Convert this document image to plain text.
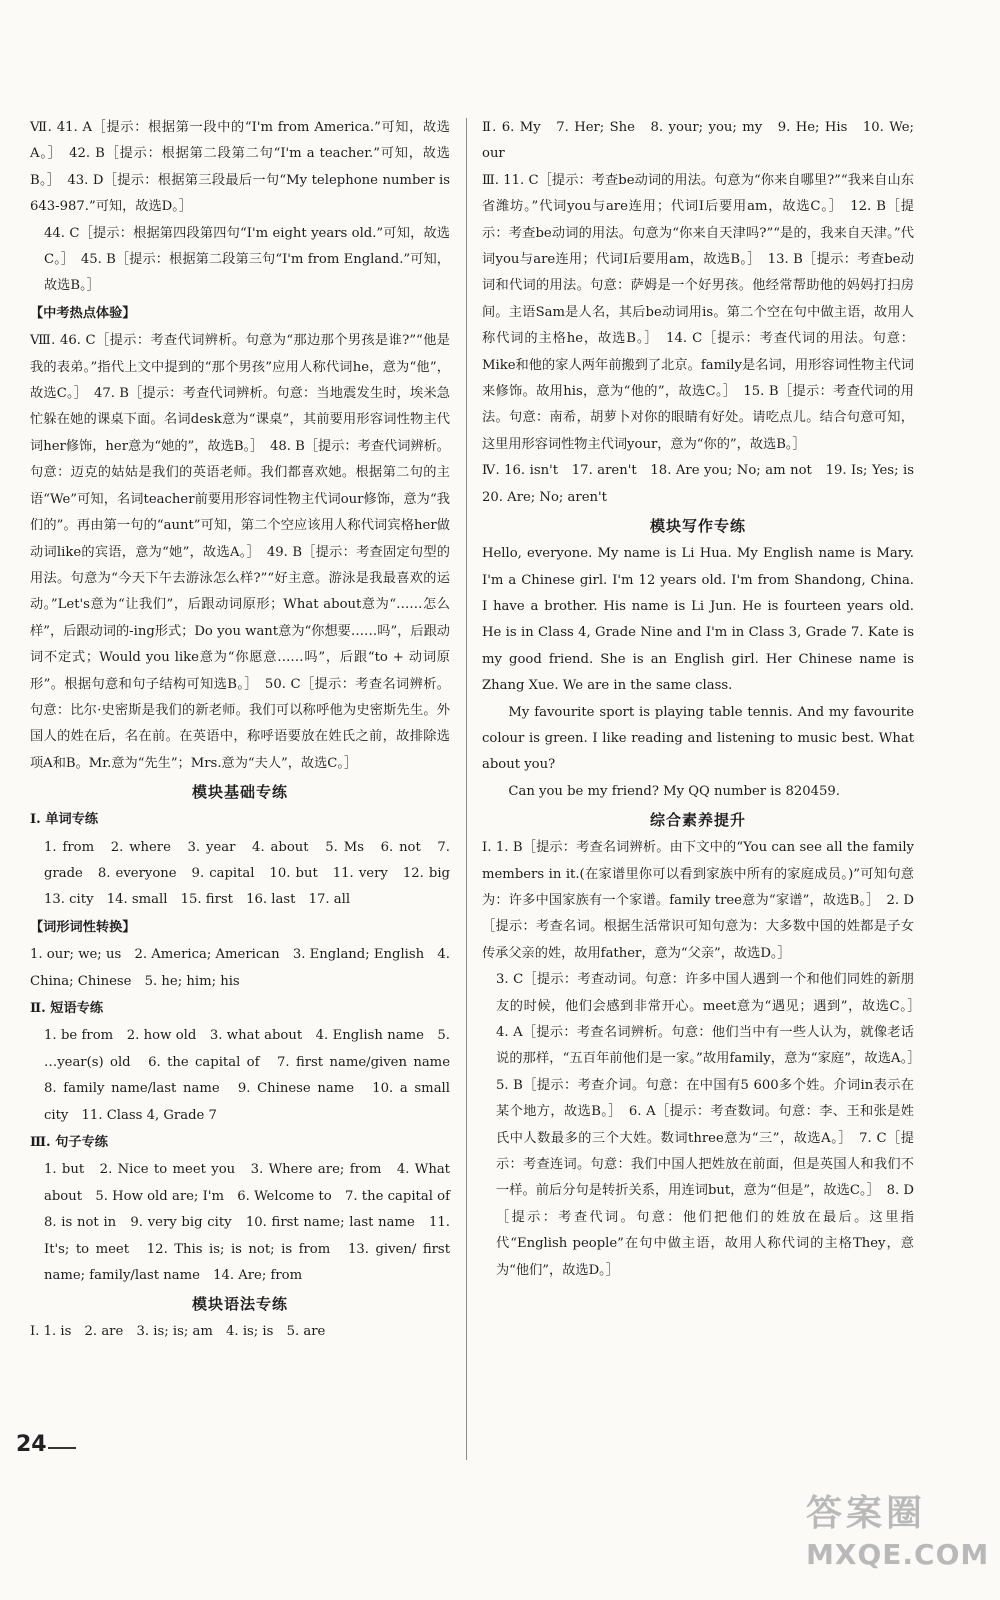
Ⅶ. 41. A［提示：根据第一段中的“I'm from America.”可知，故选A。］　42. B［提示：根据第二段第二句“I'm a teacher.”可知，故选B。］　43. D［提示：根据第三段最后一句“My telephone number is 643-987.”可知，故选D。］

44. C［提示：根据第四段第四句“I'm eight years old.”可知，故选C。］　45. B［提示：根据第二段第三句“I'm from England.”可知，故选B。］

【中考热点体验】

Ⅷ. 46. C［提示：考查代词辨析。句意为“那边那个男孩是谁?”“他是我的表弟。”指代上文中提到的“那个男孩”应用人称代词he，意为“他”，故选C。］　47. B［提示：考查代词辨析。句意：当地震发生时，埃米急忙躲在她的课桌下面。名词desk意为“课桌”，其前要用形容词性物主代词her修饰，her意为“她的”，故选B。］　48. B［提示：考查代词辨析。句意：迈克的姑姑是我们的英语老师。我们都喜欢她。根据第二句的主语“We”可知，名词teacher前要用形容词性物主代词our修饰，意为“我们的”。再由第一句的“aunt”可知，第二个空应该用人称代词宾格her做动词like的宾语，意为“她”，故选A。］　49. B［提示：考查固定句型的用法。句意为“今天下午去游泳怎么样?”“好主意。游泳是我最喜欢的运动。”Let's意为“让我们”，后跟动词原形；What about意为“……怎么样”，后跟动词的-ing形式；Do you want意为“你想要……吗”，后跟动词不定式；Would you like意为“你愿意……吗”，后跟“to + 动词原形”。根据句意和句子结构可知选B。］　50. C［提示：考查名词辨析。句意：比尔·史密斯是我们的新老师。我们可以称呼他为史密斯先生。外国人的姓在后，名在前。在英语中，称呼语要放在姓氏之前，故排除选项A和B。Mr.意为“先生”；Mrs.意为“夫人”，故选C。］

模块基础专练

Ⅰ. 单词专练

1. from　2. where　3. year　4. about　5. Ms　6. not　7. grade　8. everyone　9. capital　10. but　11. very　12. big　13. city　14. small　15. first　16. last　17. all

【词形词性转换】

1. our; we; us　2. America; American　3. England; English　4. China; Chinese　5. he; him; his

Ⅱ. 短语专练

1. be from　2. how old　3. what about　4. English name　5. …year(s) old　6. the capital of　7. first name/given name　8. family name/last name　9. Chinese name　10. a small city　11. Class 4, Grade 7

Ⅲ. 句子专练

1. but　2. Nice to meet you　3. Where are; from　4. What about　5. How old are; I'm　6. Welcome to　7. the capital of　8. is not in　9. very big city　10. first name; last name　11. It's; to meet　12. This is; is not; is from　13. given/ first name; family/last name　14. Are; from

模块语法专练

Ⅰ. 1. is　2. are　3. is; is; am　4. is; is　5. are

Ⅱ. 6. My　7. Her; She　8. your; you; my　9. He; His　10. We; our

Ⅲ. 11. C［提示：考查be动词的用法。句意为“你来自哪里?”“我来自山东省潍坊。”代词you与are连用；代词I后要用am，故选C。］　12. B［提示：考查be动词的用法。句意为“你来自天津吗?”“是的，我来自天津。”代词you与are连用；代词I后要用am，故选B。］　13. B［提示：考查be动词和代词的用法。句意：萨姆是一个好男孩。他经常帮助他的妈妈打扫房间。主语Sam是人名，其后be动词用is。第二个空在句中做主语，故用人称代词的主格he，故选B。］　14. C［提示：考查代词的用法。句意：Mike和他的家人两年前搬到了北京。family是名词，用形容词性物主代词来修饰。故用his，意为“他的”，故选C。］　15. B［提示：考查代词的用法。句意：南希，胡萝卜对你的眼睛有好处。请吃点儿。结合句意可知，这里用形容词性物主代词your，意为“你的”，故选B。］

Ⅳ. 16. isn't　17. aren't　18. Are you; No; am not　19. Is; Yes; is　20. Are; No; aren't

模块写作专练

Hello, everyone. My name is Li Hua. My English name is Mary. I'm a Chinese girl. I'm 12 years old. I'm from Shandong, China. I have a brother. His name is Li Jun. He is fourteen years old. He is in Class 4, Grade Nine and I'm in Class 3, Grade 7. Kate is my good friend. She is an English girl. Her Chinese name is Zhang Xue. We are in the same class.

My favourite sport is playing table tennis. And my favourite colour is green. I like reading and listening to music best. What about you?

Can you be my friend? My QQ number is 820459.

综合素养提升

Ⅰ. 1. B［提示：考查名词辨析。由下文中的“You can see all the family members in it.(在家谱里你可以看到家族中所有的家庭成员。)”可知句意为：许多中国家族有一个家谱。family tree意为“家谱”，故选B。］　2. D［提示：考查名词。根据生活常识可知句意为：大多数中国的姓都是子女传承父亲的姓，故用father，意为“父亲”，故选D。］

3. C［提示：考查动词。句意：许多中国人遇到一个和他们同姓的新朋友的时候，他们会感到非常开心。meet意为“遇见；遇到”，故选C。］　4. A［提示：考查名词辨析。句意：他们当中有一些人认为，就像老话说的那样，“五百年前他们是一家。”故用family，意为“家庭”，故选A。］　5. B［提示：考查介词。句意：在中国有5 600多个姓。介词in表示在某个地方，故选B。］　6. A［提示：考查数词。句意：李、王和张是姓氏中人数最多的三个大姓。数词three意为“三”，故选A。］　7. C［提示：考查连词。句意：我们中国人把姓放在前面，但是英国人和我们不一样。前后分句是转折关系，用连词but，意为“但是”，故选C。］　8. D［提示：考查代词。句意：他们把他们的姓放在最后。这里指代“English people”在句中做主语，故用人称代词的主格They，意为“他们”，故选D。］

24
答案圈
MXQE.COM
